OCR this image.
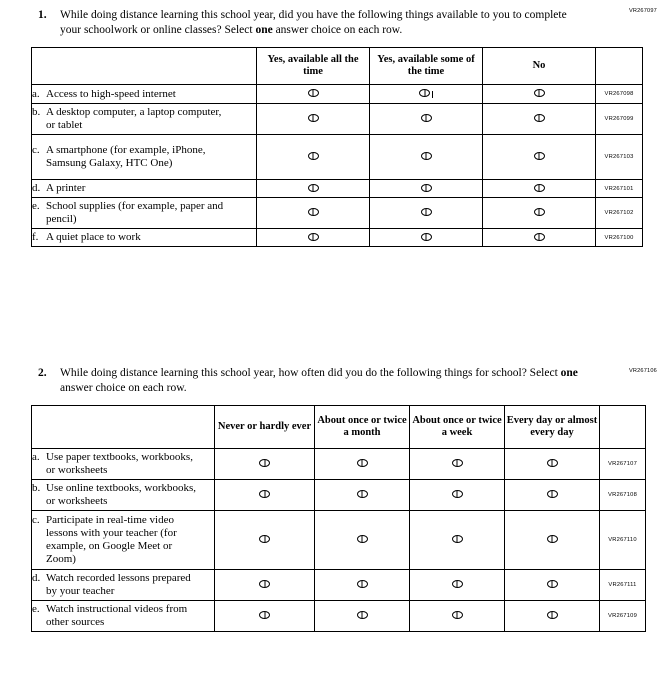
VR267097
1.	While doing distance learning this school year, did you have the following things available to you to complete your schoolwork or online classes? Select one answer choice on each row.
	Yes, available all the time	Yes, available some of the time	No	
a. Access to high-speed internet				VR267098
b. A desktop computer, a laptop computer, or tablet				VR267099
c. A smartphone (for example, iPhone, Samsung Galaxy, HTC One)				VR267103
d. A printer				VR267101
e. School supplies (for example, paper and pencil)				VR267102
f. A quiet place to work				VR267100
VR267106
2.	While doing distance learning this school year, how often did you do the following things for school? Select one answer choice on each row.
	Never or hardly ever	About once or twice a month	About once or twice a week	Every day or almost every day	
a. Use paper textbooks, workbooks, or worksheets					VR267107
b. Use online textbooks, workbooks, or worksheets					VR267108
c. Participate in real-time video lessons with your teacher (for example, on Google Meet or Zoom)					VR267110
d. Watch recorded lessons prepared by your teacher					VR267111
e. Watch instructional videos from other sources					VR267109
